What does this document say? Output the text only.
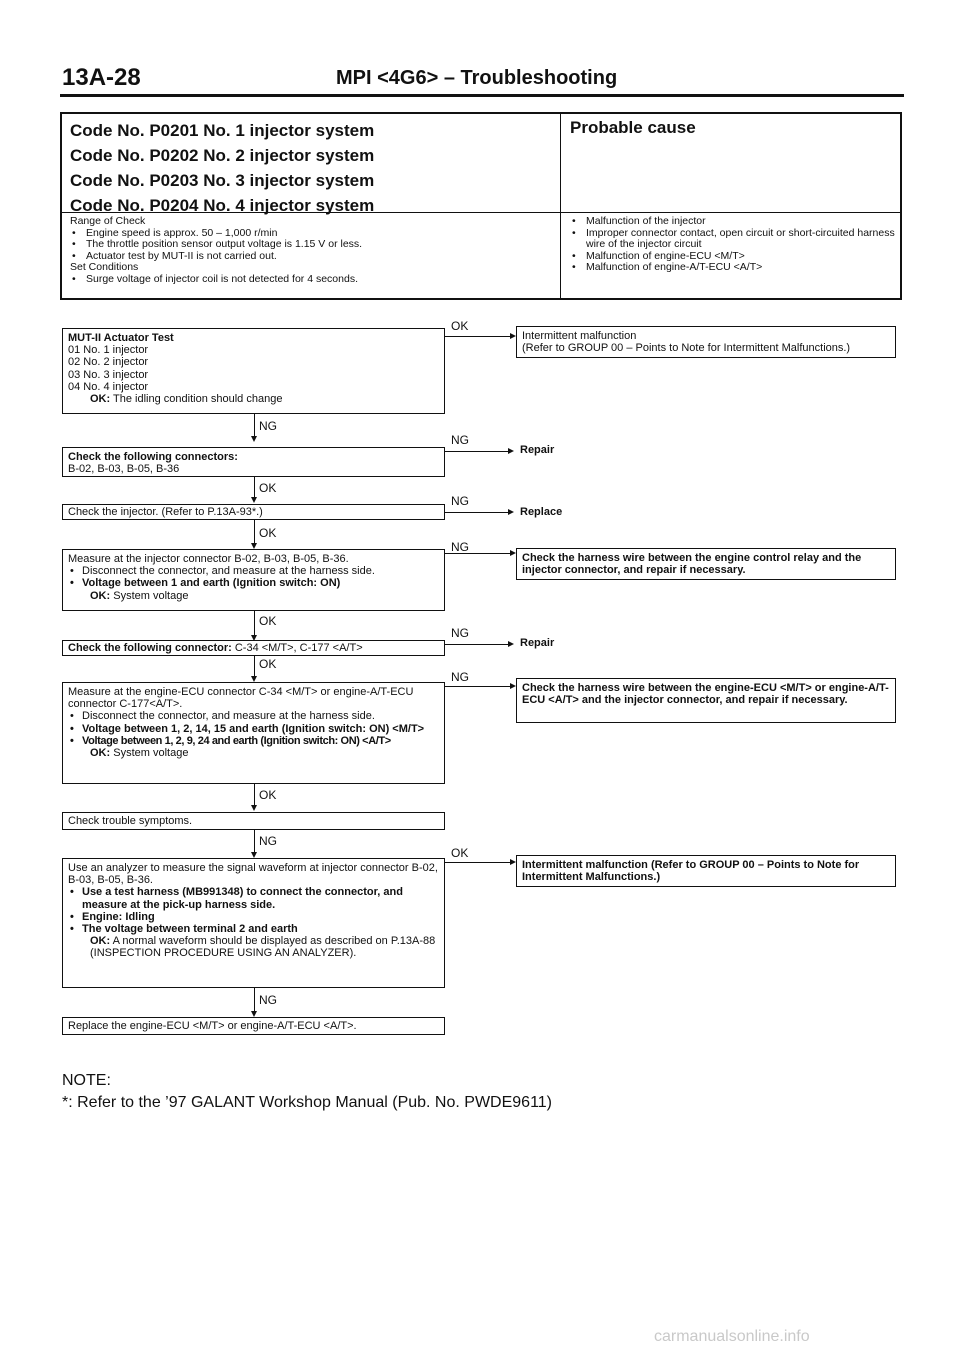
13A-28	MPI <4G6> – Troubleshooting
Code No. P0201 No. 1 injector system
Code No. P0202 No. 2 injector system
Code No. P0203 No. 3 injector system
Code No. P0204 No. 4 injector system
Probable cause
Range of Check
• Engine speed is approx. 50 – 1,000 r/min
• The throttle position sensor output voltage is 1.15 V or less.
• Actuator test by MUT-II is not carried out.
Set Conditions
• Surge voltage of injector coil is not detected for 4 seconds.
• Malfunction of the injector
• Improper connector contact, open circuit or short-circuited harness wire of the injector circuit
• Malfunction of engine-ECU <M/T>
• Malfunction of engine-A/T-ECU <A/T>
NG
OK
OK
OK
OK
OK
NG
NG
MUT-II Actuator Test
01 No. 1 injector
02 No. 2 injector
03 No. 3 injector
04 No. 4 injector
OK: The idling condition should change
OK
Intermittent malfunction
(Refer to GROUP 00 – Points to Note for Intermittent Malfunctions.)
Check the following connectors:
B-02, B-03, B-05, B-36
NG
Repair
Check the injector. (Refer to P.13A-93*.)
NG
Replace
Measure at the injector connector B-02, B-03, B-05, B-36.
• Disconnect the connector, and measure at the harness side.
• Voltage between 1 and earth (Ignition switch: ON)
OK: System voltage
NG
Check the harness wire between the engine control relay and the injector connector, and repair if necessary.
Check the following connector: C-34 <M/T>, C-177 <A/T>
NG
Repair
Measure at the engine-ECU connector C-34 <M/T> or engine-A/T-ECU connector C-177<A/T>.
• Disconnect the connector, and measure at the harness side.
• Voltage between 1, 2, 14, 15 and earth (Ignition switch: ON) <M/T>
• Voltage between 1, 2, 9, 24 and earth (Ignition switch: ON) <A/T>
OK: System voltage
NG
Check the harness wire between the engine-ECU <M/T> or engine-A/T-ECU <A/T> and the injector connector, and repair if necessary.
Check trouble symptoms.
Use an analyzer to measure the signal waveform at injector connector B-02, B-03, B-05, B-36.
• Use a test harness (MB991348) to connect the connector, and measure at the pick-up harness side.
• Engine: Idling
• The voltage between terminal 2 and earth
OK: A normal waveform should be displayed as described on P.13A-88 (INSPECTION PROCEDURE USING AN ANALYZER).
OK
Intermittent malfunction (Refer to GROUP 00 – Points to Note for Intermittent Malfunctions.)
Replace the engine-ECU <M/T> or engine-A/T-ECU <A/T>.
NOTE:
*: Refer to the ’97 GALANT Workshop Manual (Pub. No. PWDE9611)
carmanualsonline.info
